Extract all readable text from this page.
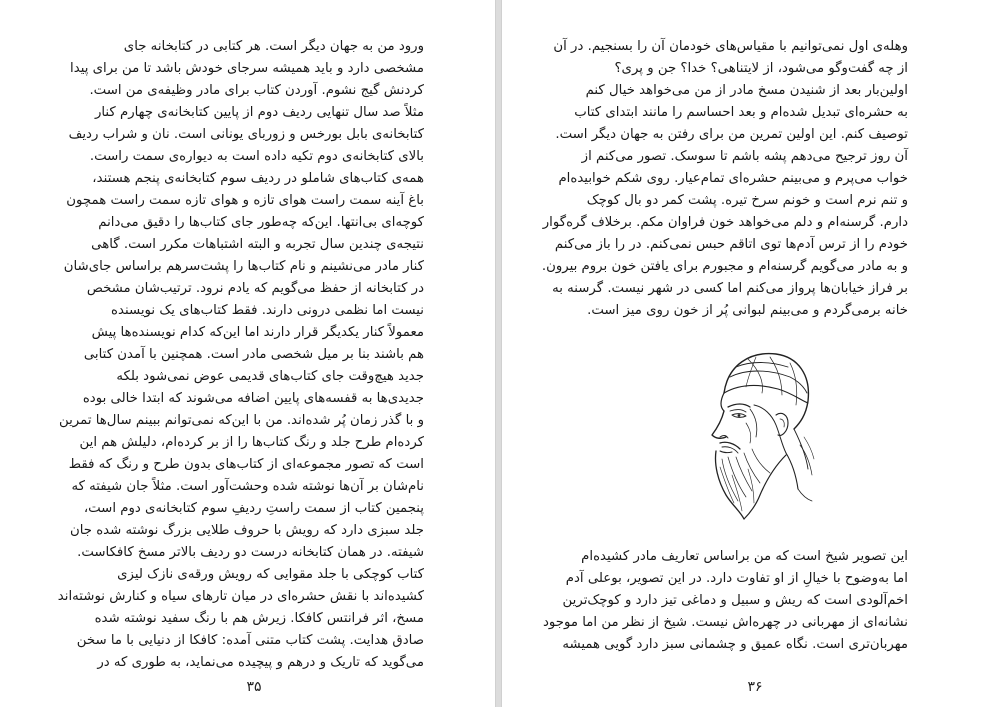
ورود من به جهان دیگر است. هر کتابی در کتابخانه جای
مشخصی دارد و باید همیشه سرجای خودش باشد تا من برای پیدا
کردنش گیج نشوم. آوردن کتاب برای مادر وظیفه‌ی من است.
مثلاً صد سال تنهایی ردیف دوم از پایین کتابخانه‌ی چهارم کنار
کتابخانه‌ی بابل بورخس و زوربای یونانی است. نان و شراب ردیف
بالای کتابخانه‌ی دوم تکیه داده است به دیواره‌ی سمت راست.
همه‌ی کتاب‌های شاملو در ردیف سوم کتابخانه‌ی پنجم هستند،
باغ آینه سمت راست هوای تازه و هوای تازه سمت راست همچون
کوچه‌ای بی‌انتها. این‌که چه‌طور جای کتاب‌ها را دقیق می‌دانم
نتیجه‌ی چندین سال تجربه و البته اشتباهات مکرر است. گاهی
کنار مادر می‌نشینم و نام کتاب‌ها را پشت‌سرهم براساس جای‌شان
در کتابخانه از حفظ می‌گویم که یادم نرود. ترتیب‌شان مشخص
نیست اما نظمی درونی دارند. فقط کتاب‌های یک نویسنده
معمولاً کنار یکدیگر قرار دارند اما این‌که کدام نویسنده‌ها پیش
هم باشند بنا بر میل شخصی مادر است. همچنین با آمدن کتابی
جدید هیچ‌وقت جای کتاب‌های قدیمی عوض نمی‌شود بلکه
جدیدی‌ها به قفسه‌های پایین اضافه می‌شوند که ابتدا خالی بوده
و با گذر زمان پُر شده‌اند. من با این‌که نمی‌توانم ببینم سال‌ها تمرین
کرده‌ام طرح جلد و رنگ کتاب‌ها را از بر کرده‌ام، دلیلش هم این
است که تصور مجموعه‌ای از کتاب‌های بدون طرح و رنگ که فقط
نام‌شان بر آن‌ها نوشته شده وحشت‌آور است. مثلاً جان شیفته که
پنجمین کتاب از سمت راستِ ردیفِ سوم کتابخانه‌ی دوم است،
جلد سبزی دارد که رویش با حروف طلایی بزرگ نوشته شده جان
شیفته. در همان کتابخانه درست دو ردیف بالاتر مسخ کافکاست.
کتاب کوچکی با جلد مقوایی که رویش ورقه‌ی نازک لیزی
کشیده‌اند با نقش حشره‌ای در میان تارهای سیاه و کنارش نوشته‌اند
مسخ، اثر فرانتس کافکا. زیرش هم با رنگ سفید نوشته شده
صادق هدایت. پشت کتاب متنی آمده: کافکا از دنیایی با ما سخن
می‌گوید که تاریک و درهم و پیچیده می‌نماید، به طوری که در
۳۵
وهله‌ی اول نمی‌توانیم با مقیاس‌های خودمان آن را بسنجیم. در آن
از چه گفت‌وگو می‌شود، از لایتناهی؟ خدا؟ جن و پری؟
اولین‌بار بعد از شنیدن مسخ مادر از من می‌خواهد خیال کنم
به حشره‌ای تبدیل شده‌ام و بعد احساسم را مانند ابتدای کتاب
توصیف کنم. این اولین تمرین من برای رفتن به جهان دیگر است.
آن روز ترجیح می‌دهم پشه باشم تا سوسک. تصور می‌کنم از
خواب می‌پرم و می‌بینم حشره‌ای تمام‌عیار. روی شکم خوابیده‌ام
و تنم نرم است و خونم سرخ تیره. پشت کمر دو بال کوچک
دارم. گرسنه‌ام و دلم می‌خواهد خون فراوان مکم. برخلاف گره‌گوار
خودم را از ترس آدم‌ها توی اتاقم حبس نمی‌کنم. در را باز می‌کنم
و به مادر می‌گویم گرسنه‌ام و مجبورم برای یافتن خون بروم بیرون.
بر فراز خیابان‌ها پرواز می‌کنم اما کسی در شهر نیست. گرسنه به
خانه برمی‌گردم و می‌بینم لبوانی پُر از خون روی میز است.
این تصویر شیخ است که من براساس تعاریف مادر کشیده‌ام
اما به‌وضوح با خیالِ از او تفاوت دارد. در این تصویر، بوعلی آدم
اخم‌آلودی است که ریش و سبیل و دماغی تیز دارد و کوچک‌ترین
نشانه‌ای از مهربانی در چهره‌اش نیست. شیخ از نظر من اما موجود
مهربان‌تری است. نگاه عمیق و چشمانی سبز دارد گویی همیشه
۳۶
